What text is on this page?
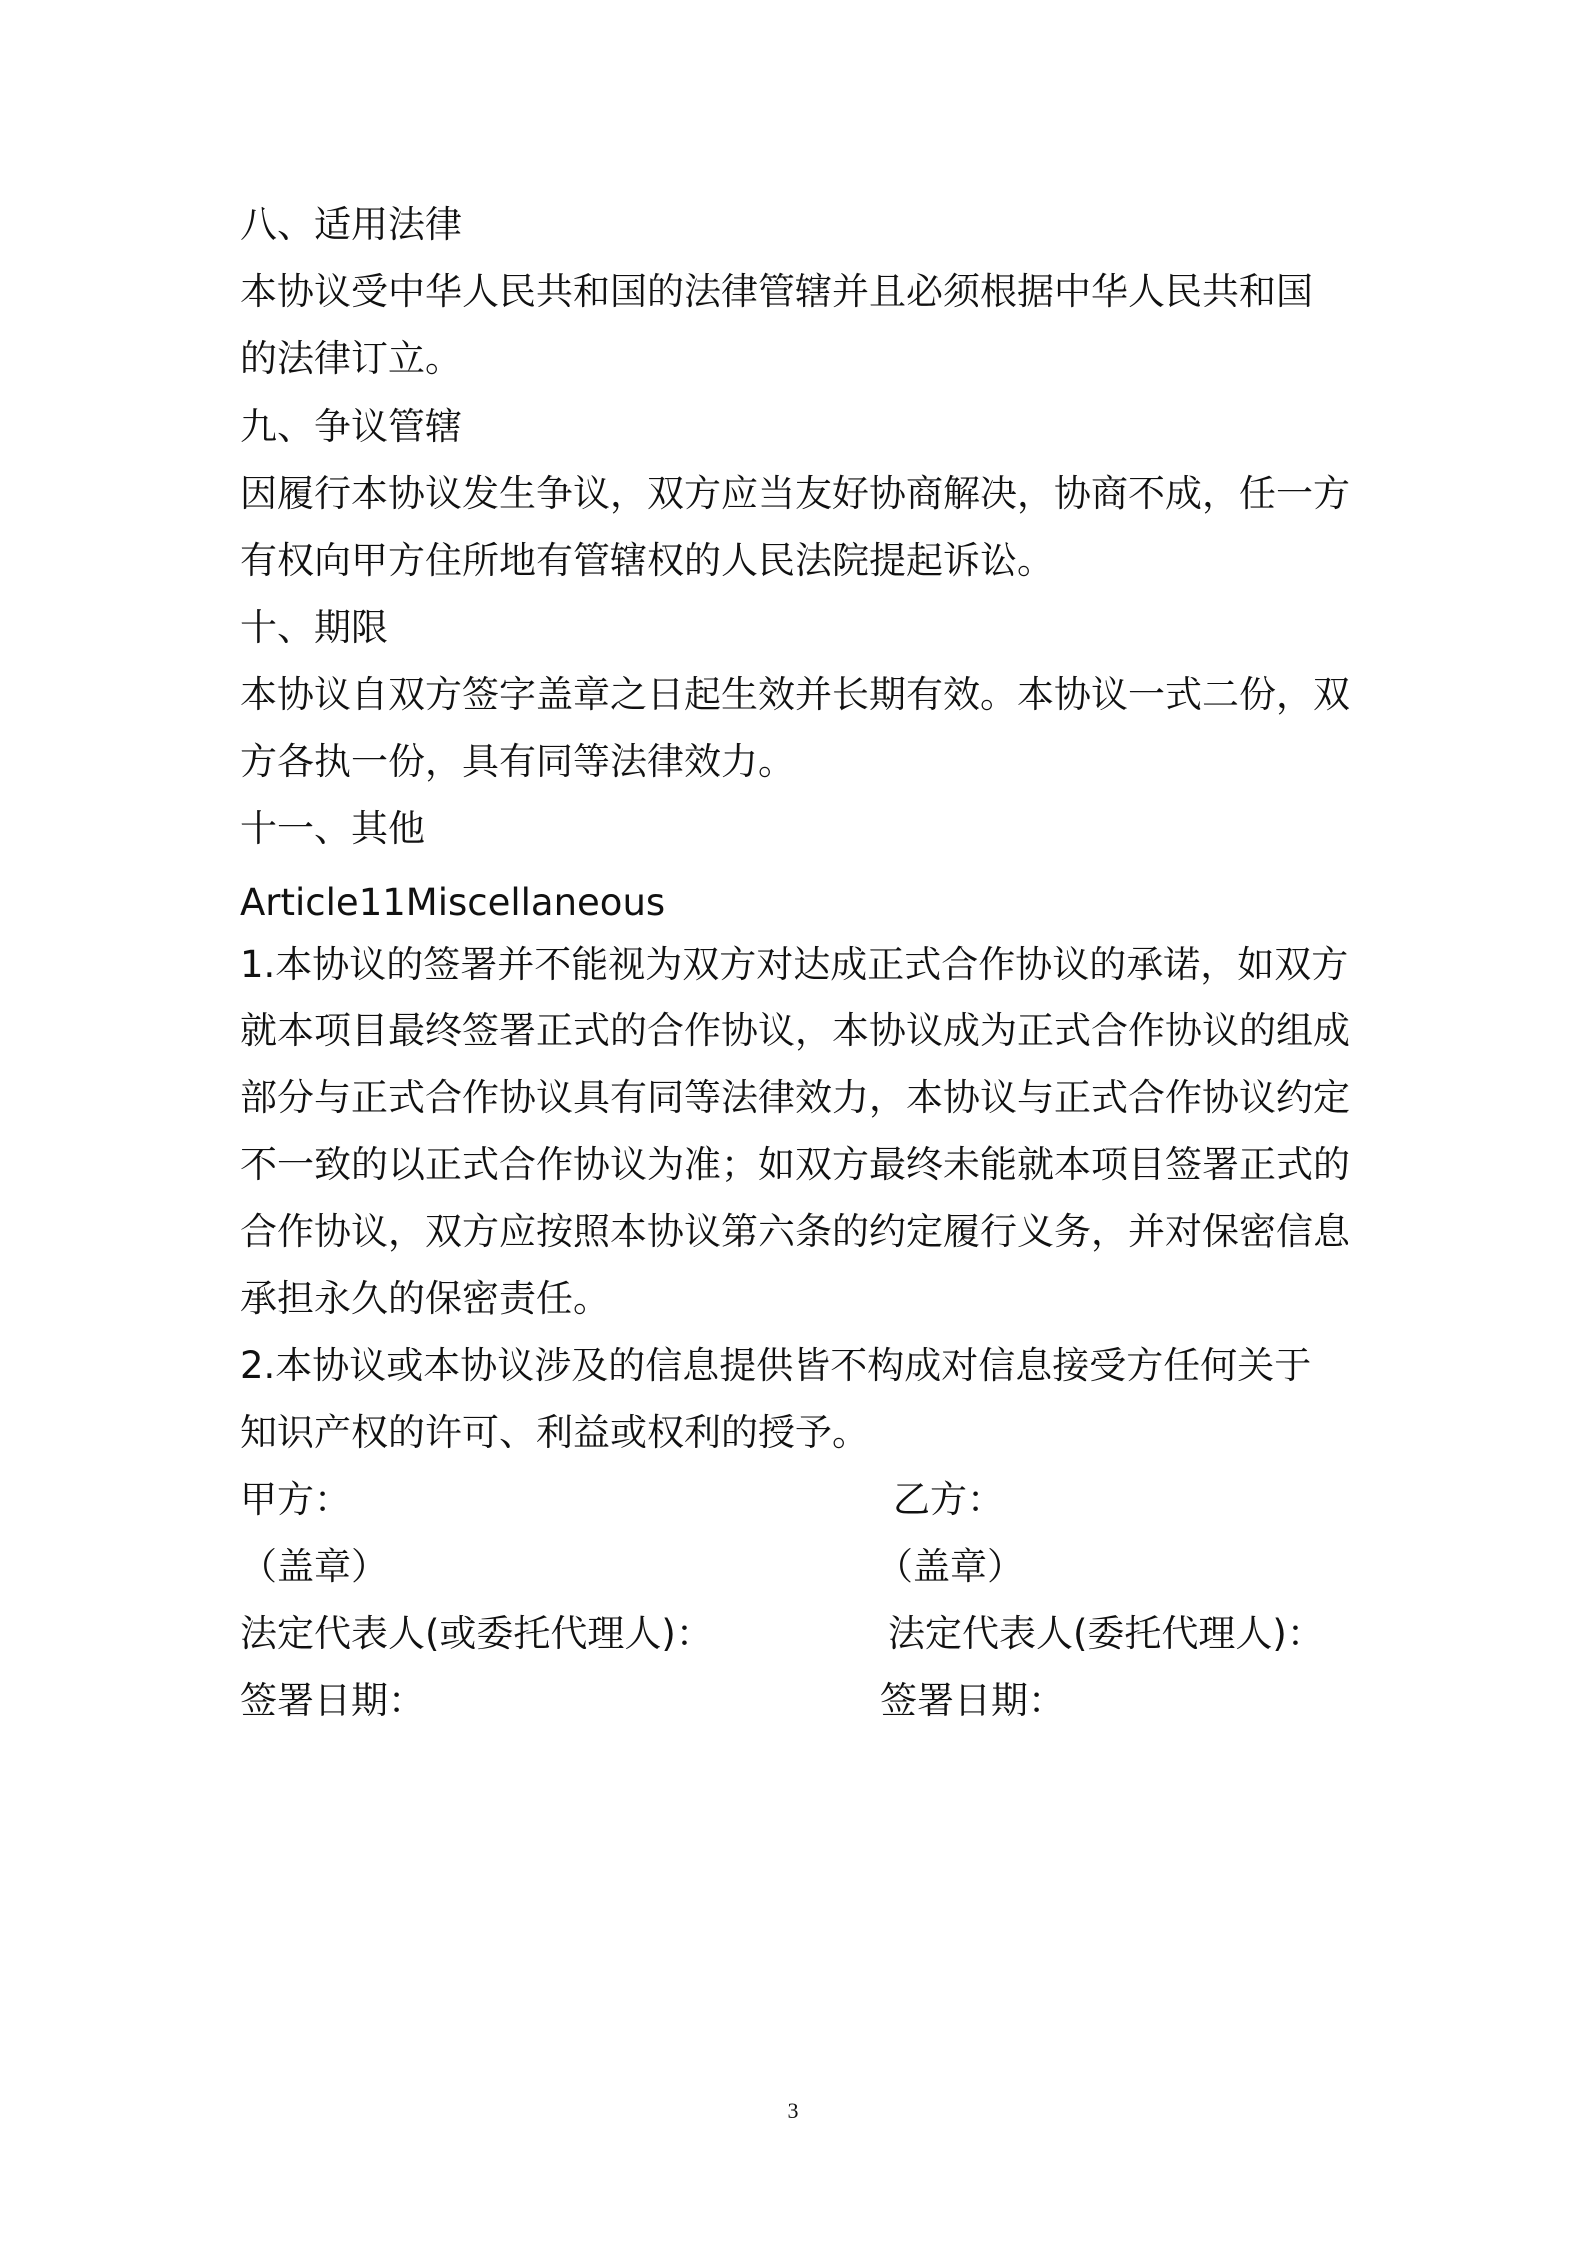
八、适用法律
本协议受中华人民共和国的法律管辖并且必须根据中华人民共和国
的法律订立。
九、争议管辖
因履行本协议发生争议，双方应当友好协商解决，协商不成，任一方
有权向甲方住所地有管辖权的人民法院提起诉讼。
十、期限
本协议自双方签字盖章之日起生效并长期有效。本协议一式二份，双
方各执一份，具有同等法律效力。
十一、其他
Article11Miscellaneous
1.本协议的签署并不能视为双方对达成正式合作协议的承诺，如双方
就本项目最终签署正式的合作协议，本协议成为正式合作协议的组成
部分与正式合作协议具有同等法律效力，本协议与正式合作协议约定
不一致的以正式合作协议为准；如双方最终未能就本项目签署正式的
合作协议，双方应按照本协议第六条的约定履行义务，并对保密信息
承担永久的保密责任。
2.本协议或本协议涉及的信息提供皆不构成对信息接受方任何关于
知识产权的许可、利益或权利的授予。
甲方：
（盖章）
法定代表人(或委托代理人)：
签署日期：
乙方：
（盖章）
法定代表人(委托代理人)：
签署日期：
3
